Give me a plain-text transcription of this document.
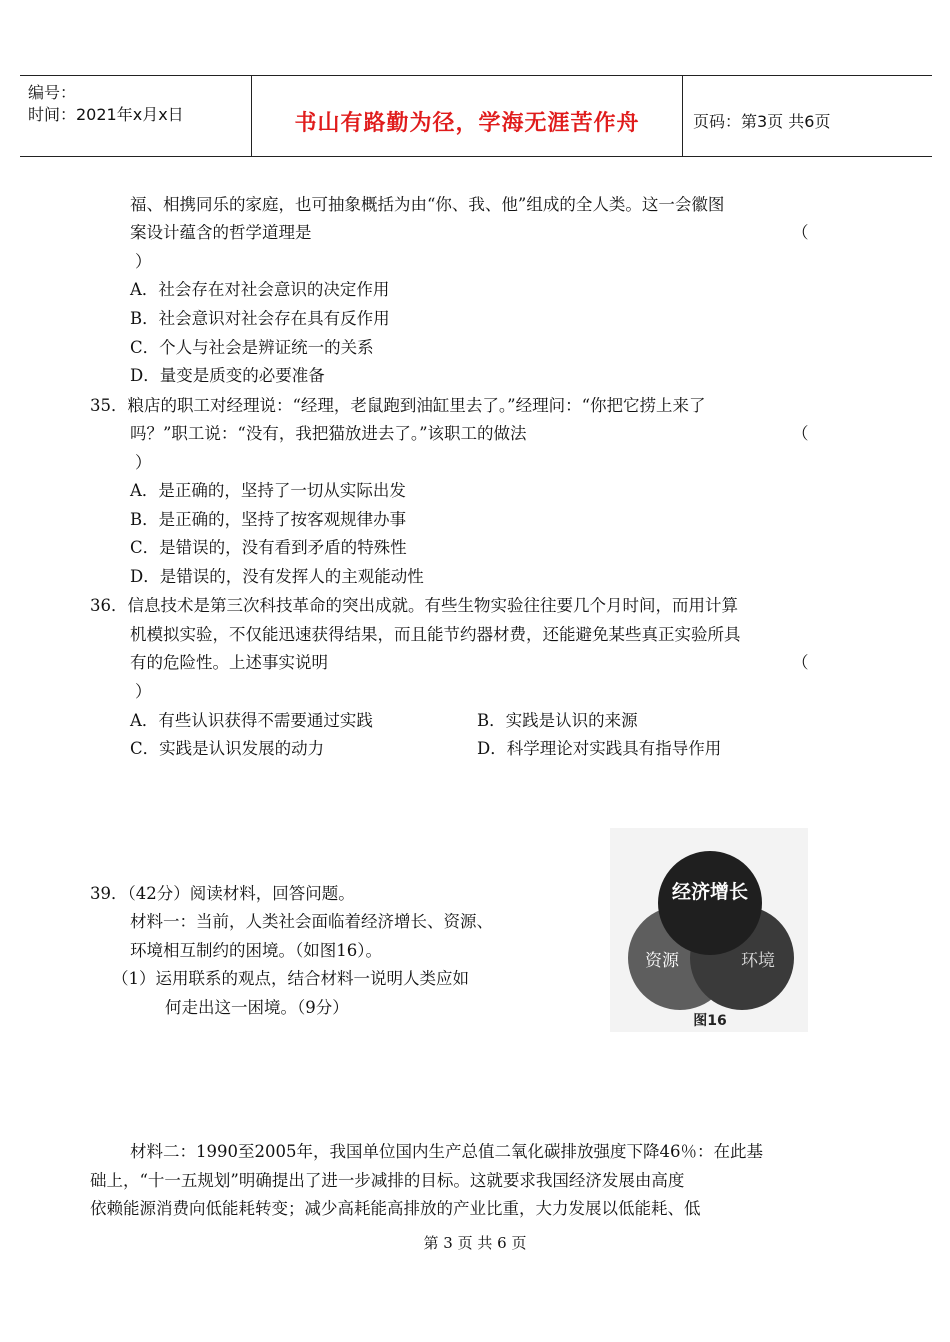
编号：
时间：2021年x月x日	书山有路勤为径，学海无涯苦作舟	页码：第3页 共6页
福、相携同乐的家庭，也可抽象概括为由“你、我、他”组成的全人类。这一会徽图
案设计蕴含的哲学道理是	（
）
A．社会存在对社会意识的决定作用
B．社会意识对社会存在具有反作用
C．个人与社会是辨证统一的关系
D．量变是质变的必要准备
35．粮店的职工对经理说：“经理，老鼠跑到油缸里去了。”经理问：“你把它捞上来了
吗？”职工说：“没有，我把猫放进去了。”该职工的做法	（
）
A．是正确的，坚持了一切从实际出发
B．是正确的，坚持了按客观规律办事
C．是错误的，没有看到矛盾的特殊性
D．是错误的，没有发挥人的主观能动性
36．信息技术是第三次科技革命的突出成就。有些生物实验往往要几个月时间，而用计算
机模拟实验，不仅能迅速获得结果，而且能节约器材费，还能避免某些真正实验所具
有的危险性。上述事实说明	（
）
A．有些认识获得不需要通过实践	B．实践是认识的来源
C．实践是认识发展的动力	D．科学理论对实践具有指导作用
39．（42分）阅读材料，回答问题。
材料一：当前，人类社会面临着经济增长、资源、
环境相互制约的困境。（如图16）。
（1）运用联系的观点，结合材料一说明人类应如
何走出这一困境。（9分）
经济增长
资源	环境
图16
材料二：1990至2005年，我国单位国内生产总值二氧化碳排放强度下降46％：在此基
础上，“十一五规划”明确提出了进一步减排的目标。这就要求我国经济发展由高度
依赖能源消费向低能耗转变；减少高耗能高排放的产业比重，大力发展以低能耗、低
第 3 页 共 6 页
